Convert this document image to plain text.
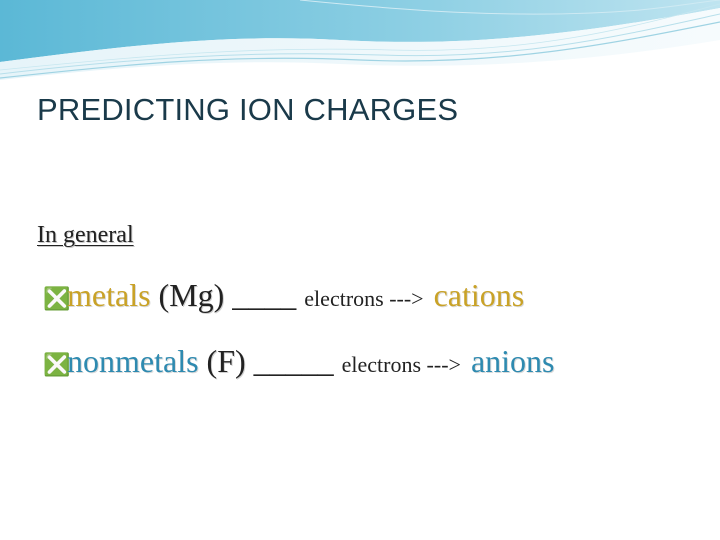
PREDICTING ION CHARGES
In general
❎
metals (Mg) ____ electrons ---> cations
❎
nonmetals (F) _____ electrons ---> anions
